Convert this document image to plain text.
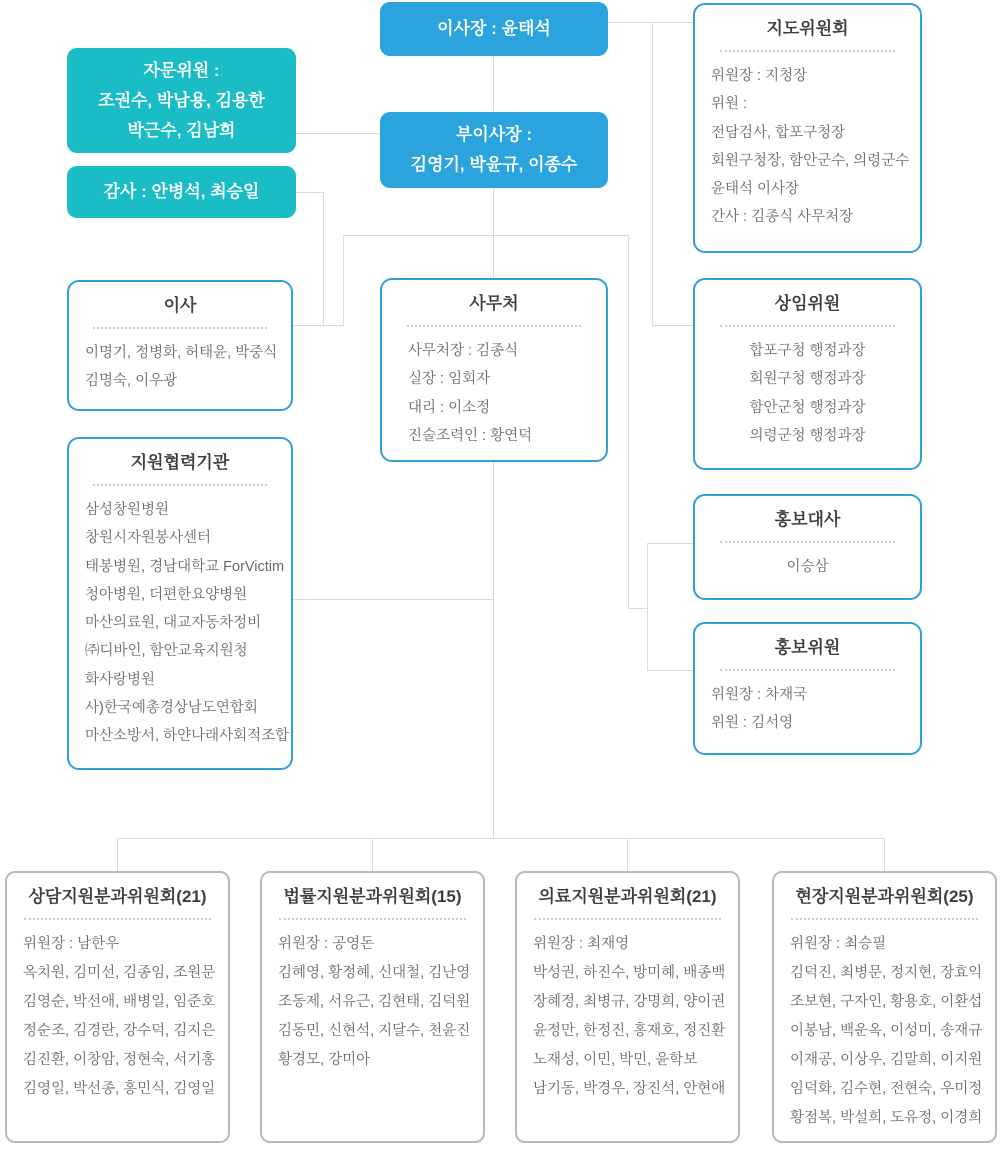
이사장 : 윤태석
부이사장 :
김영기, 박윤규, 이종수
자문위원 :
조권수, 박남용, 김용한
박근수, 김남희
감사 : 안병석, 최승일
이사
이명기, 정병화, 허태윤, 박중식
김명숙, 이우광
지원협력기관
삼성창원병원
창원시자원봉사센터
태봉병원, 경남대학교 ForVictim
청아병원, 더편한요양병원
마산의료원, 대교자동차정비
㈜디바인, 함안교육지원청
화사랑병원
사)한국예총경상남도연합회
마산소방서, 하얀나래사회적조합
사무처
사무처장 : 김종식
실장 : 임회자
대리 : 이소정
진술조력인 : 황연덕
지도위원회
위원장 : 지청장
위원 :
전담검사, 합포구청장
회원구청장, 함안군수, 의령군수
윤태석 이사장
간사 : 김종식 사무처장
상임위원
합포구청 행정과장
회원구청 행정과장
함안군청 행정과장
의령군청 행정과장
홍보대사
이승삼
홍보위원
위원장 : 차재국
위원 : 김서영
상담지원분과위원회(21)
위원장 : 남한우
옥치원, 김미선, 김종임, 조원문
김영순, 박선애, 배병일, 임준호
정순조, 김경란, 강수덕, 김지은
김진환, 이창암, 정현숙, 서기홍
김영일, 박선종, 홍민식, 김영일
법률지원분과위원회(15)
위원장 : 공영돈
김혜영, 황정혜, 신대철, 김난영
조동제, 서유근, 김현태, 김덕원
김동민, 신현석, 지달수, 천윤진
황경모, 강미아
의료지원분과위원회(21)
위원장 : 최재영
박성권, 하진수, 방미혜, 배종백
장혜정, 최병규, 강명희, 양이권
윤정만, 한정진, 홍재호, 정진환
노재성, 이민, 박민, 윤학보
남기동, 박경우, 장진석, 안현애
현장지원분과위원회(25)
위원장 : 최승필
김덕진, 최병문, 정지현, 장효익
조보현, 구자인, 황용호, 이환섭
이봉남, 백운옥, 이성미, 송재규
이재공, 이상우, 김말희, 이지원
임덕화, 김수현, 전현숙, 우미정
황점복, 박설희, 도유정, 이경희
